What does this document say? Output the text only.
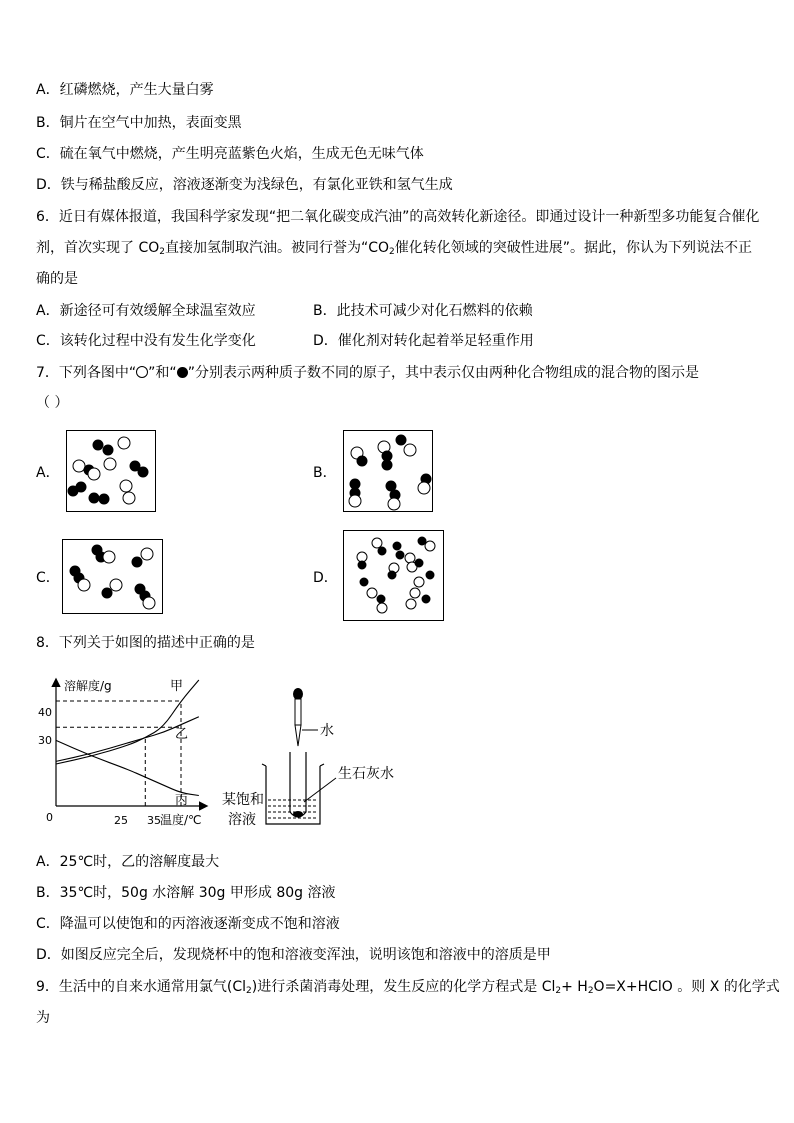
A．红磷燃烧，产生大量白雾
B．铜片在空气中加热，表面变黑
C．硫在氧气中燃烧，产生明亮蓝紫色火焰，生成无色无味气体
D．铁与稀盐酸反应，溶液逐渐变为浅绿色，有氯化亚铁和氢气生成
6．近日有媒体报道，我国科学家发现“把二氧化碳变成汽油”的高效转化新途径。即通过设计一种新型多功能复合催化
剂，首次实现了 $CO_2$直接加氢制取汽油。被同行誉为“$CO_2$催化转化领域的突破性进展”。据此，你认为下列说法不正
确的是
A．新途径可有效缓解全球温室效应	B．此技术可减少对化石燃料的依赖
C．该转化过程中没有发生化学变化	D．催化剂对转化起着举足轻重作用
7．下列各图中“ ”和“ ”分别表示两种质子数不同的原子，其中表示仅由两种化合物组成的混合物的图示是
（ ）
A．	B．
C．	D．
8．下列关于如图的描述中正确的是
溶解度/g
40
30
0	25 35 温度/℃
甲
乙
丙
水
生石灰水
某饱和
溶液
A．25℃时，乙的溶解度最大
B．35℃时，50g 水溶解 30g 甲形成 80g 溶液
C．降温可以使饱和的丙溶液逐渐变成不饱和溶液
D．如图反应完全后，发现烧杯中的饱和溶液变浑浊，说明该饱和溶液中的溶质是甲
9．生活中的自来水通常用氯气$(Cl_2)$进行杀菌消毒处理，发生反应的化学方程式是 $Cl_2+$ $H_2O=X+HClO$ 。则 X 的化学式
为
